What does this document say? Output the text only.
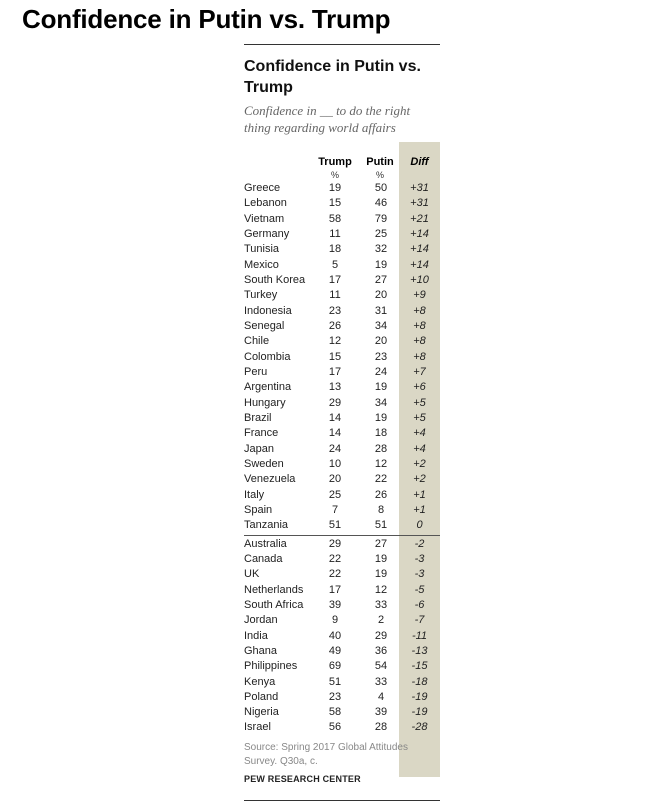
Confidence in Putin vs. Trump
Confidence in Putin vs. Trump
Confidence in __ to do the right thing regarding world affairs
Trump	Putin	Diff
%	%
Greece	19	50	+31
Lebanon	15	46	+31
Vietnam	58	79	+21
Germany	11	25	+14
Tunisia	18	32	+14
Mexico	5	19	+14
South Korea	17	27	+10
Turkey	11	20	+9
Indonesia	23	31	+8
Senegal	26	34	+8
Chile	12	20	+8
Colombia	15	23	+8
Peru	17	24	+7
Argentina	13	19	+6
Hungary	29	34	+5
Brazil	14	19	+5
France	14	18	+4
Japan	24	28	+4
Sweden	10	12	+2
Venezuela	20	22	+2
Italy	25	26	+1
Spain	7	8	+1
Tanzania	51	51	0
Australia	29	27	-2
Canada	22	19	-3
UK	22	19	-3
Netherlands	17	12	-5
South Africa	39	33	-6
Jordan	9	2	-7
India	40	29	-11
Ghana	49	36	-13
Philippines	69	54	-15
Kenya	51	33	-18
Poland	23	4	-19
Nigeria	58	39	-19
Israel	56	28	-28
Source: Spring 2017 Global Attitudes Survey. Q30a, c.
PEW RESEARCH CENTER
